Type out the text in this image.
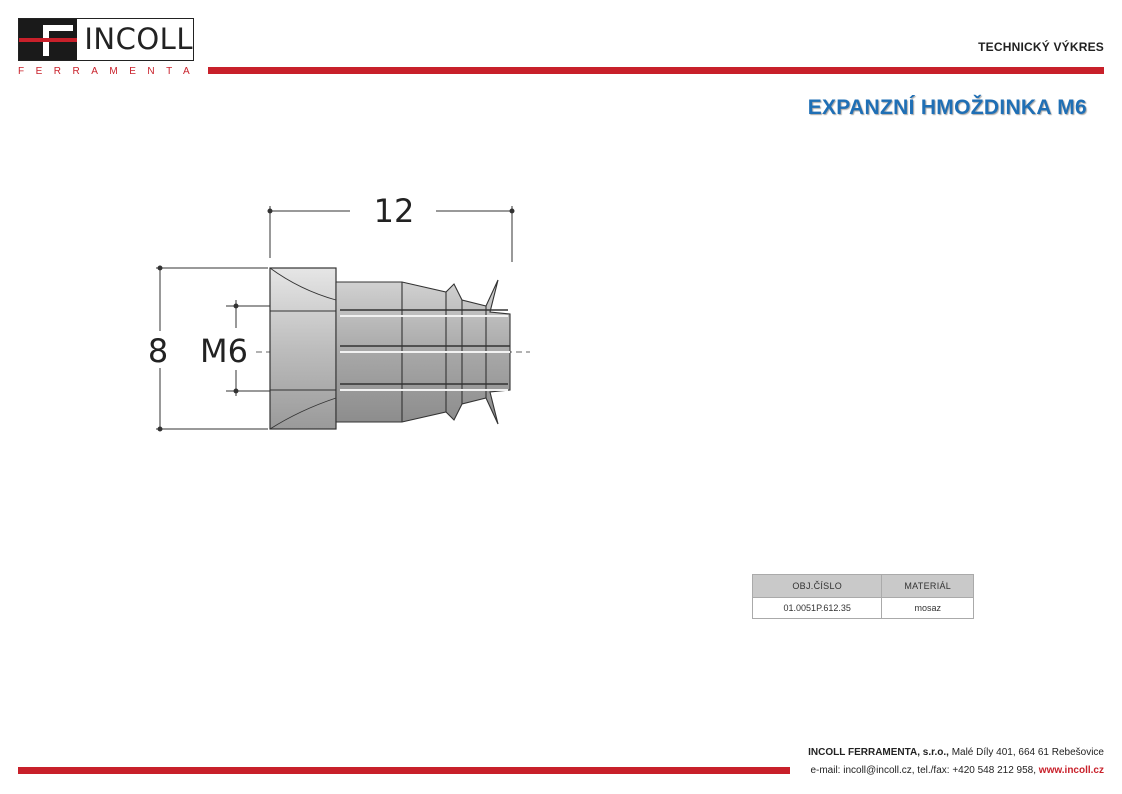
INCOLL
FERRAMENTA
TECHNICKÝ VÝKRES
EXPANZNÍ HMOŽDINKA M6
12
8 M6
OBJ.ČÍSLO	MATERIÁL
01.0051P.612.35	mosaz
INCOLL FERRAMENTA, s.r.o., Malé Díly 401, 664 61 Rebešovice
e-mail: incoll@incoll.cz, tel./fax: +420 548 212 958, www.incoll.cz
